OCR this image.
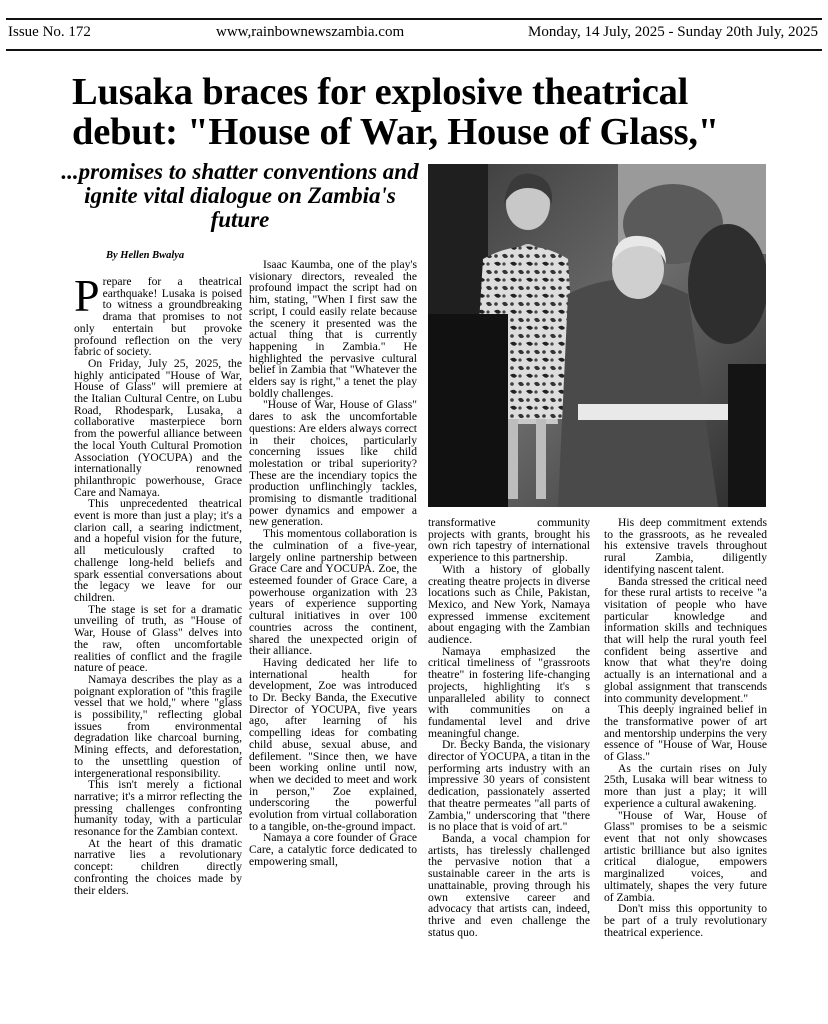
Issue No. 172	www,rainbownewszambia.com	Monday, 14 July, 2025 - Sunday 20th July, 2025
Lusaka braces for explosive theatrical debut: "House of War, House of Glass,"
...promises to shatter conventions and ignite vital dialogue on Zambia's future
By Hellen Bwalya

Prepare for a theatrical earthquake! Lusaka is poised to witness a groundbreaking drama that promises to not only entertain but provoke profound reflection on the very fabric of society.

On Friday, July 25, 2025, the highly anticipated "House of War, House of Glass" will premiere at the Italian Cultural Centre, on Lubu Road, Rhodespark, Lusaka, a collaborative masterpiece born from the powerful alliance between the local Youth Cultural Promotion Association (YOCUPA) and the internationally renowned philanthropic powerhouse, Grace Care and Namaya.

This unprecedented theatrical event is more than just a play; it's a clarion call, a searing indictment, and a hopeful vision for the future, all meticulously crafted to challenge long-held beliefs and spark essential conversations about the legacy we leave for our children.

The stage is set for a dramatic unveiling of truth, as "House of War, House of Glass" delves into the raw, often uncomfortable realities of conflict and the fragile nature of peace.

Namaya describes the play as a poignant exploration of "this fragile vessel that we hold," where "glass is possibility," reflecting global issues from environmental degradation like charcoal burning, Mining effects, and deforestation, to the unsettling question of intergenerational responsibility.

This isn't merely a fictional narrative; it's a mirror reflecting the pressing challenges confronting humanity today, with a particular resonance for the Zambian context.

At the heart of this dramatic narrative lies a revolutionary concept: children directly confronting the choices made by their elders.

Isaac Kaumba, one of the play's visionary directors, revealed the profound impact the script had on him, stating, "When I first saw the script, I could easily relate because the scenery it presented was the actual thing that is currently happening in Zambia." He highlighted the pervasive cultural belief in Zambia that "Whatever the elders say is right," a tenet the play boldly challenges.

"House of War, House of Glass" dares to ask the uncomfortable questions: Are elders always correct in their choices, particularly concerning issues like child molestation or tribal superiority? These are the incendiary topics the production unflinchingly tackles, promising to dismantle traditional power dynamics and empower a new generation.

This momentous collaboration is the culmination of a five-year, largely online partnership between Grace Care and YOCUPA. Zoe, the esteemed founder of Grace Care, a powerhouse organization with 23 years of experience supporting cultural initiatives in over 100 countries across the continent, shared the unexpected origin of their alliance.

Having dedicated her life to international health for development, Zoe was introduced to Dr. Becky Banda, the Executive Director of YOCUPA, five years ago, after learning of his compelling ideas for combating child abuse, sexual abuse, and defilement. "Since then, we have been working online until now, when we decided to meet and work in person," Zoe explained, underscoring the powerful evolution from virtual collaboration to a tangible, on-the-ground impact.

Namaya a core founder of Grace Care, a catalytic force dedicated to empowering small,

transformative community projects with grants, brought his own rich tapestry of international experience to this partnership.

With a history of globally creating theatre projects in diverse locations such as Chile, Pakistan, Mexico, and New York, Namaya expressed immense excitement about engaging with the Zambian audience.

Namaya emphasized the critical timeliness of "grassroots theatre" in fostering life-changing projects, highlighting it's s unparalleled ability to connect with communities on a fundamental level and drive meaningful change.

Dr. Becky Banda, the visionary director of YOCUPA, a titan in the performing arts industry with an impressive 30 years of consistent dedication, passionately asserted that theatre permeates "all parts of Zambia," underscoring that "there is no place that is void of art."

Banda, a vocal champion for artists, has tirelessly challenged the pervasive notion that a sustainable career in the arts is unattainable, proving through his own extensive career and advocacy that artists can, indeed, thrive and even challenge the status quo.

His deep commitment extends to the grassroots, as he revealed his extensive travels throughout rural Zambia, diligently identifying nascent talent.

Banda stressed the critical need for these rural artists to receive "a visitation of people who have particular knowledge and information skills and techniques that will help the rural youth feel confident being assertive and know that what they're doing actually is an international and a global assignment that transcends into community development."

This deeply ingrained belief in the transformative power of art and mentorship underpins the very essence of "House of War, House of Glass."

As the curtain rises on July 25th, Lusaka will bear witness to more than just a play; it will experience a cultural awakening.

"House of War, House of Glass" promises to be a seismic event that not only showcases artistic brilliance but also ignites critical dialogue, empowers marginalized voices, and ultimately, shapes the very future of Zambia.

Don't miss this opportunity to be part of a truly revolutionary theatrical experience.
